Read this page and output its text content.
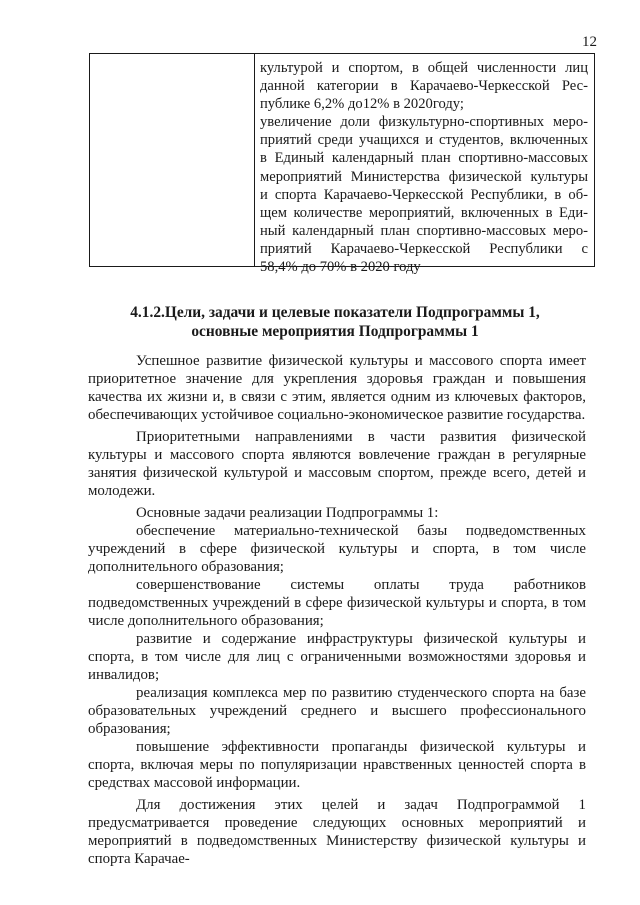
12
культурой и спортом, в общей численности лиц
данной категории в Карачаево-Черкесской Рес-
публике 6,2% до12% в 2020году;
увеличение доли физкультурно-спортивных меро-
приятий среди учащихся и студентов, включенных
в Единый календарный план спортивно-массовых
мероприятий Министерства физической культуры
и спорта Карачаево-Черкесской Республики, в об-
щем количестве мероприятий, включенных в Еди-
ный календарный план спортивно-массовых меро-
приятий Карачаево-Черкесской Республики с
58,4% до 70% в 2020 году
4.1.2.Цели, задачи и целевые показатели Подпрограммы 1,
основные мероприятия Подпрограммы 1

Успешное развитие физической культуры и массового спорта имеет приоритетное значение для укрепления здоровья граждан и повышения качества их жизни и, в связи с этим, является одним из ключевых факторов, обеспечивающих устойчивое социально-экономическое развитие государства.

Приоритетными направлениями в части развития физической культуры и массового спорта являются вовлечение граждан в регулярные занятия физической культурой и массовым спортом, прежде всего, детей и молодежи.

Основные задачи реализации Подпрограммы 1:

обеспечение материально-технической базы подведомственных учреждений в сфере физической культуры и спорта, в том числе дополнительного образования;

совершенствование системы оплаты труда работников подведомственных учреждений в сфере физической культуры и спорта, в том числе дополнительного образования;

развитие и содержание инфраструктуры физической культуры и спорта, в том числе для лиц с ограниченными возможностями здоровья и инвалидов;

реализация комплекса мер по развитию студенческого спорта на базе образовательных учреждений среднего и высшего профессионального образования;

повышение эффективности пропаганды физической культуры и спорта, включая меры по популяризации нравственных ценностей спорта в средствах массовой информации.

Для достижения этих целей и задач Подпрограммой 1 предусматривается проведение следующих основных мероприятий и мероприятий в подведомственных Министерству физической культуры и спорта Карачае-
